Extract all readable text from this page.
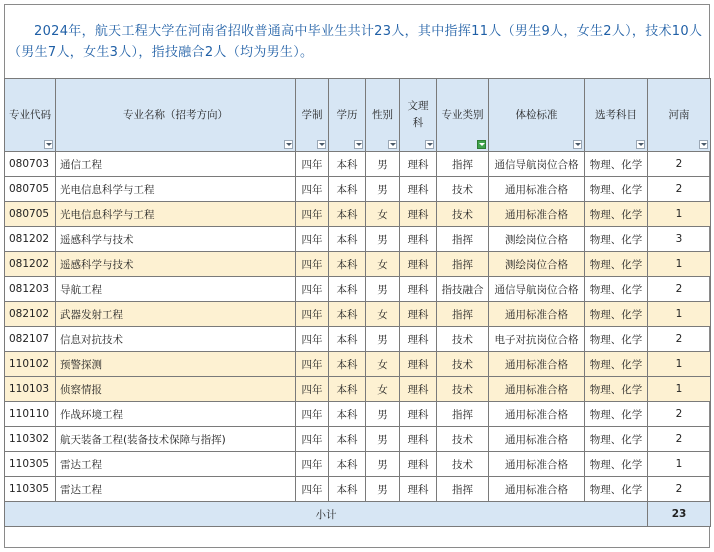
2024年，航天工程大学在河南省招收普通高中毕业生共计23人，其中指挥11人（男生9人，女生2人），技术10人（男生7人，女生3人），指技融合2人（均为男生）。

专业代码	专业名称（招考方向）	学制	学历	性别	文理科	专业类别	体检标准	选考科目	河南

080703	通信工程	四年	本科	男	理科	指挥	通信导航岗位合格	物理、化学	2
080705	光电信息科学与工程	四年	本科	男	理科	技术	通用标准合格	物理、化学	2
080705	光电信息科学与工程	四年	本科	女	理科	技术	通用标准合格	物理、化学	1
081202	遥感科学与技术	四年	本科	男	理科	指挥	测绘岗位合格	物理、化学	3
081202	遥感科学与技术	四年	本科	女	理科	指挥	测绘岗位合格	物理、化学	1
081203	导航工程	四年	本科	男	理科	指技融合	通信导航岗位合格	物理、化学	2
082102	武器发射工程	四年	本科	女	理科	指挥	通用标准合格	物理、化学	1
082107	信息对抗技术	四年	本科	男	理科	技术	电子对抗岗位合格	物理、化学	2
110102	预警探测	四年	本科	女	理科	技术	通用标准合格	物理、化学	1
110103	侦察情报	四年	本科	女	理科	技术	通用标准合格	物理、化学	1
110110	作战环境工程	四年	本科	男	理科	指挥	通用标准合格	物理、化学	2
110302	航天装备工程(装备技术保障与指挥)	四年	本科	男	理科	技术	通用标准合格	物理、化学	2
110305	雷达工程	四年	本科	男	理科	技术	通用标准合格	物理、化学	1
110305	雷达工程	四年	本科	男	理科	指挥	通用标准合格	物理、化学	2
小计									23
